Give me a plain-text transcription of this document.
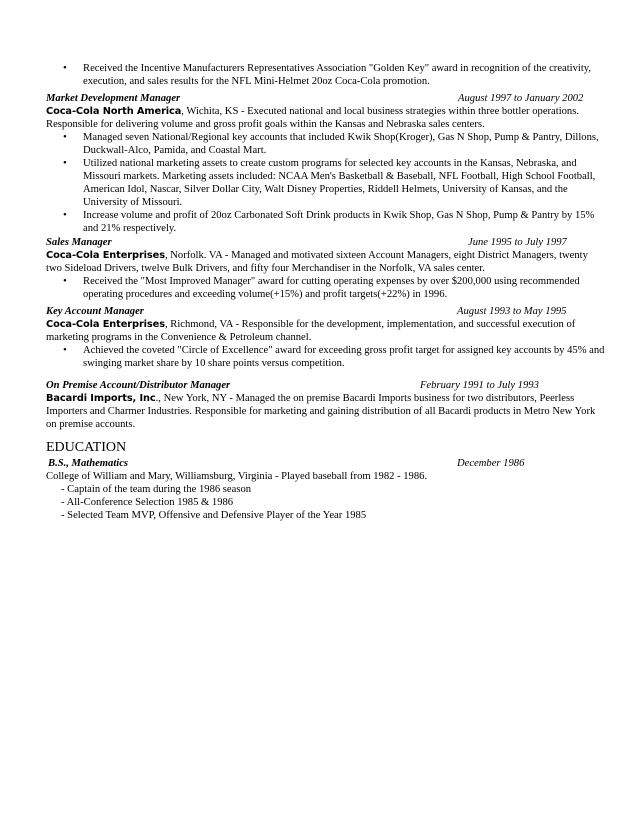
• Received the Incentive Manufacturers Representatives Association "Golden Key" award in recognition of the creativity, execution, and sales results for the NFL Mini-Helmet 20oz Coca-Cola promotion.
Market Development Manager	August 1997 to January 2002
Coca-Cola North America, Wichita, KS - Executed national and local business strategies within three bottler operations. Responsible for delivering volume and gross profit goals within the Kansas and Nebraska sales centers.
• Managed seven National/Regional key accounts that included Kwik Shop(Kroger), Gas N Shop, Pump & Pantry, Dillons, Duckwall-Alco, Pamida, and Coastal Mart.
• Utilized national marketing assets to create custom programs for selected key accounts in the Kansas, Nebraska, and Missouri markets. Marketing assets included: NCAA Men's Basketball & Baseball, NFL Football, High School Football, American Idol, Nascar, Silver Dollar City, Walt Disney Properties, Riddell Helmets, University of Kansas, and the University of Missouri.
• Increase volume and profit of 20oz Carbonated Soft Drink products in Kwik Shop, Gas N Shop, Pump & Pantry by 15% and 21% respectively.
Sales Manager	June 1995 to July 1997
Coca-Cola Enterprises, Norfolk. VA - Managed and motivated sixteen Account Managers, eight District Managers, twenty two Sideload Drivers, twelve Bulk Drivers, and fifty four Merchandiser in the Norfolk, VA sales center.
• Received the "Most Improved Manager" award for cutting operating expenses by over $200,000 using recommended operating procedures and exceeding volume(+15%) and profit targets(+22%) in 1996.
Key Account Manager	August 1993 to May 1995
Coca-Cola Enterprises, Richmond, VA - Responsible for the development, implementation, and successful execution of marketing programs in the Convenience & Petroleum channel.
• Achieved the coveted "Circle of Excellence" award for exceeding gross profit target for assigned key accounts by 45% and swinging market share by 10 share points versus competition.
On Premise Account/Distributor Manager	February 1991 to July 1993
Bacardi Imports, Inc., New York, NY - Managed the on premise Bacardi Imports business for two distributors, Peerless Importers and Charmer Industries. Responsible for marketing and gaining distribution of all Bacardi products in Metro New York on premise accounts.
EDUCATION
B.S., Mathematics	December 1986
College of William and Mary, Williamsburg, Virginia - Played baseball from 1982 - 1986.
- Captain of the team during the 1986 season
- All-Conference Selection 1985 & 1986
- Selected Team MVP, Offensive and Defensive Player of the Year 1985
